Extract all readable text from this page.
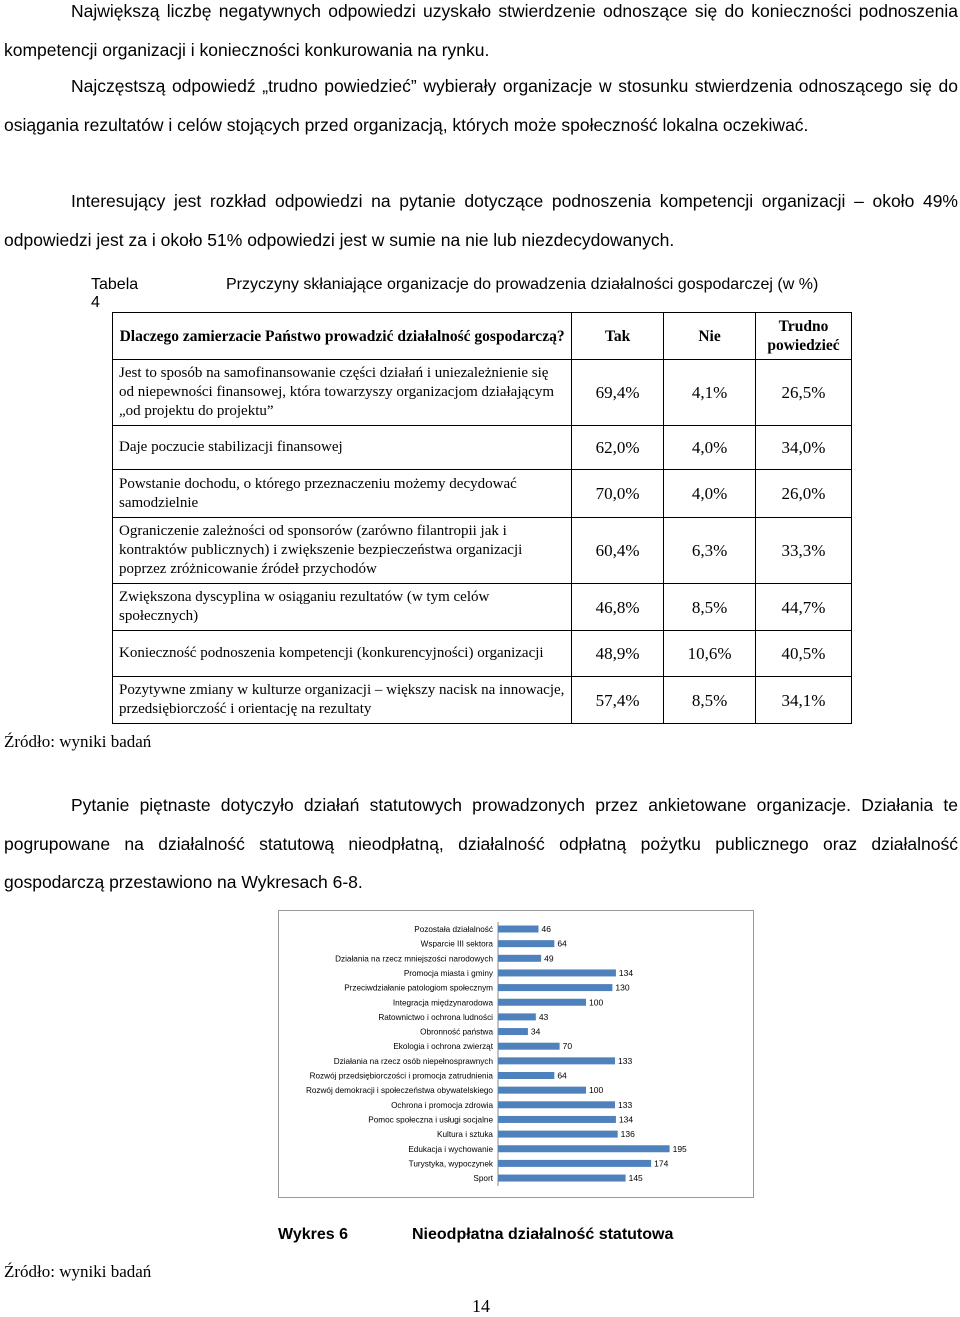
Największą liczbę negatywnych odpowiedzi uzyskało stwierdzenie odnoszące się do konieczności podnoszenia kompetencji organizacji i konieczności konkurowania na rynku.

Najczęstszą odpowiedź „trudno powiedzieć” wybierały organizacje w stosunku stwierdzenia odnoszącego się do osiągania rezultatów i celów stojących przed organizacją, których może społeczność lokalna oczekiwać.

Interesujący jest rozkład odpowiedzi na pytanie dotyczące podnoszenia kompetencji organizacji – około 49% odpowiedzi jest za i około 51% odpowiedzi jest w sumie na nie lub niezdecydowanych.

Tabela 4
Przyczyny skłaniające organizacje do prowadzenia działalności gospodarczej (w %)
Dlaczego zamierzacie Państwo prowadzić działalność gospodarczą?	Tak	Nie	Trudno powiedzieć
Jest to sposób na samofinansowanie części działań i uniezależnienie się od niepewności finansowej, która towarzyszy organizacjom działającym „od projektu do projektu”	69,4%	4,1%	26,5%
Daje poczucie stabilizacji finansowej	62,0%	4,0%	34,0%
Powstanie dochodu, o którego przeznaczeniu możemy decydować samodzielnie	70,0%	4,0%	26,0%
Ograniczenie zależności od sponsorów (zarówno filantropii jak i kontraktów publicznych) i zwiększenie bezpieczeństwa organizacji poprzez zróżnicowanie źródeł przychodów	60,4%	6,3%	33,3%
Zwiększona dyscyplina w osiąganiu rezultatów (w tym celów społecznych)	46,8%	8,5%	44,7%
Konieczność podnoszenia kompetencji (konkurencyjności) organizacji	48,9%	10,6%	40,5%
Pozytywne zmiany w kulturze organizacji – większy nacisk na innowacje, przedsiębiorczość i orientację na rezultaty	57,4%	8,5%	34,1%
Źródło: wyniki badań

Pytanie piętnaste dotyczyło działań statutowych prowadzonych przez ankietowane organizacje. Działania te pogrupowane na działalność statutową nieodpłatną, działalność odpłatną pożytku publicznego oraz działalność gospodarczą przestawiono na Wykresach 6-8.

Pozostała działalność	46
Wsparcie III sektora	64
Działania na rzecz mniejszości narodowych	49
Promocja miasta i gminy	134
Przeciwdziałanie patologiom społecznym	130
Integracja międzynarodowa	100
Ratownictwo i ochrona ludności	43
Obronność państwa	34
Ekologia i ochrona zwierząt	70
Działania na rzecz osób niepełnosprawnych	133
Rozwój przedsiębiorczości i promocja zatrudnienia	64
Rozwój demokracji i społeczeństwa obywatelskiego	100
Ochrona i promocja zdrowia	133
Pomoc społeczna i usługi socjalne	134
Kultura i sztuka	136
Edukacja i wychowanie	195
Turystyka, wypoczynek	174
Sport	145
Wykres 6	Nieodpłatna działalność statutowa
Źródło: wyniki badań
14
